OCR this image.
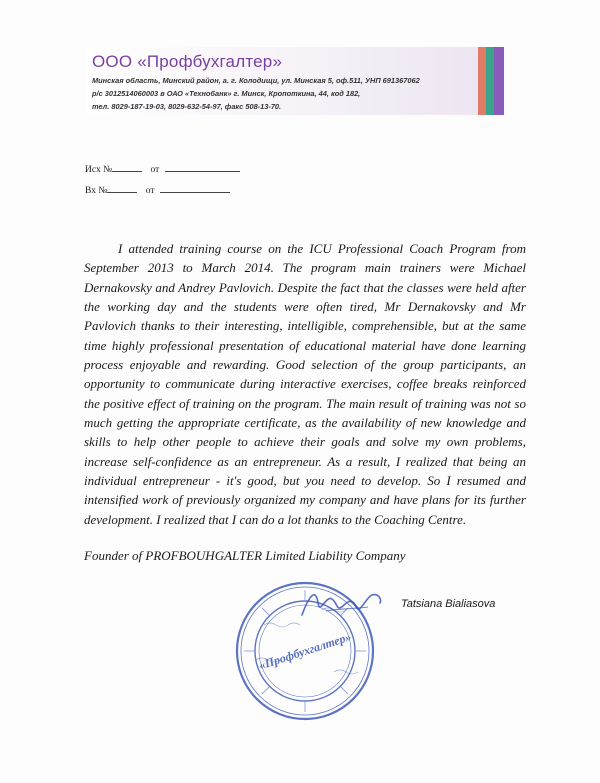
ООО «Профбухгалтер»
Минская область, Минский район, а. г. Колодищи, ул. Минская 5, оф.511, УНП 691367062
р/с 3012514060003 в ОАО «Технобанк» г. Минск, Кропоткина, 44, код 182,
тел. 8029-187-19-03, 8029-632-54-97, факс 508-13-70.
Исх №	от
Вх №	от

I attended training course on the ICU Professional Coach Program from September 2013 to March 2014. The program main trainers were Michael Dernakovsky and Andrey Pavlovich. Despite the fact that the classes were held after the working day and the students were often tired, Mr Dernakovsky and Mr Pavlovich thanks to their interesting, intelligible, comprehensible, but at the same time highly professional presentation of educational material have done learning process enjoyable and rewarding. Good selection of the group participants, an opportunity to communicate during interactive exercises, coffee breaks reinforced the positive effect of training on the program. The main result of training was not so much getting the appropriate certificate, as the availability of new knowledge and skills to help other people to achieve their goals and solve my own problems, increase self-confidence as an entrepreneur. As a result, I realized that being an individual entrepreneur - it's good, but you need to develop. So I resumed and intensified work of previously organized my company and have plans for its further development. I realized that I can do a lot thanks to the Coaching Centre.

Founder of PROFBOUHGALTER Limited Liability Company
«Профбухгалтер»
Tatsiana Bialiasova
